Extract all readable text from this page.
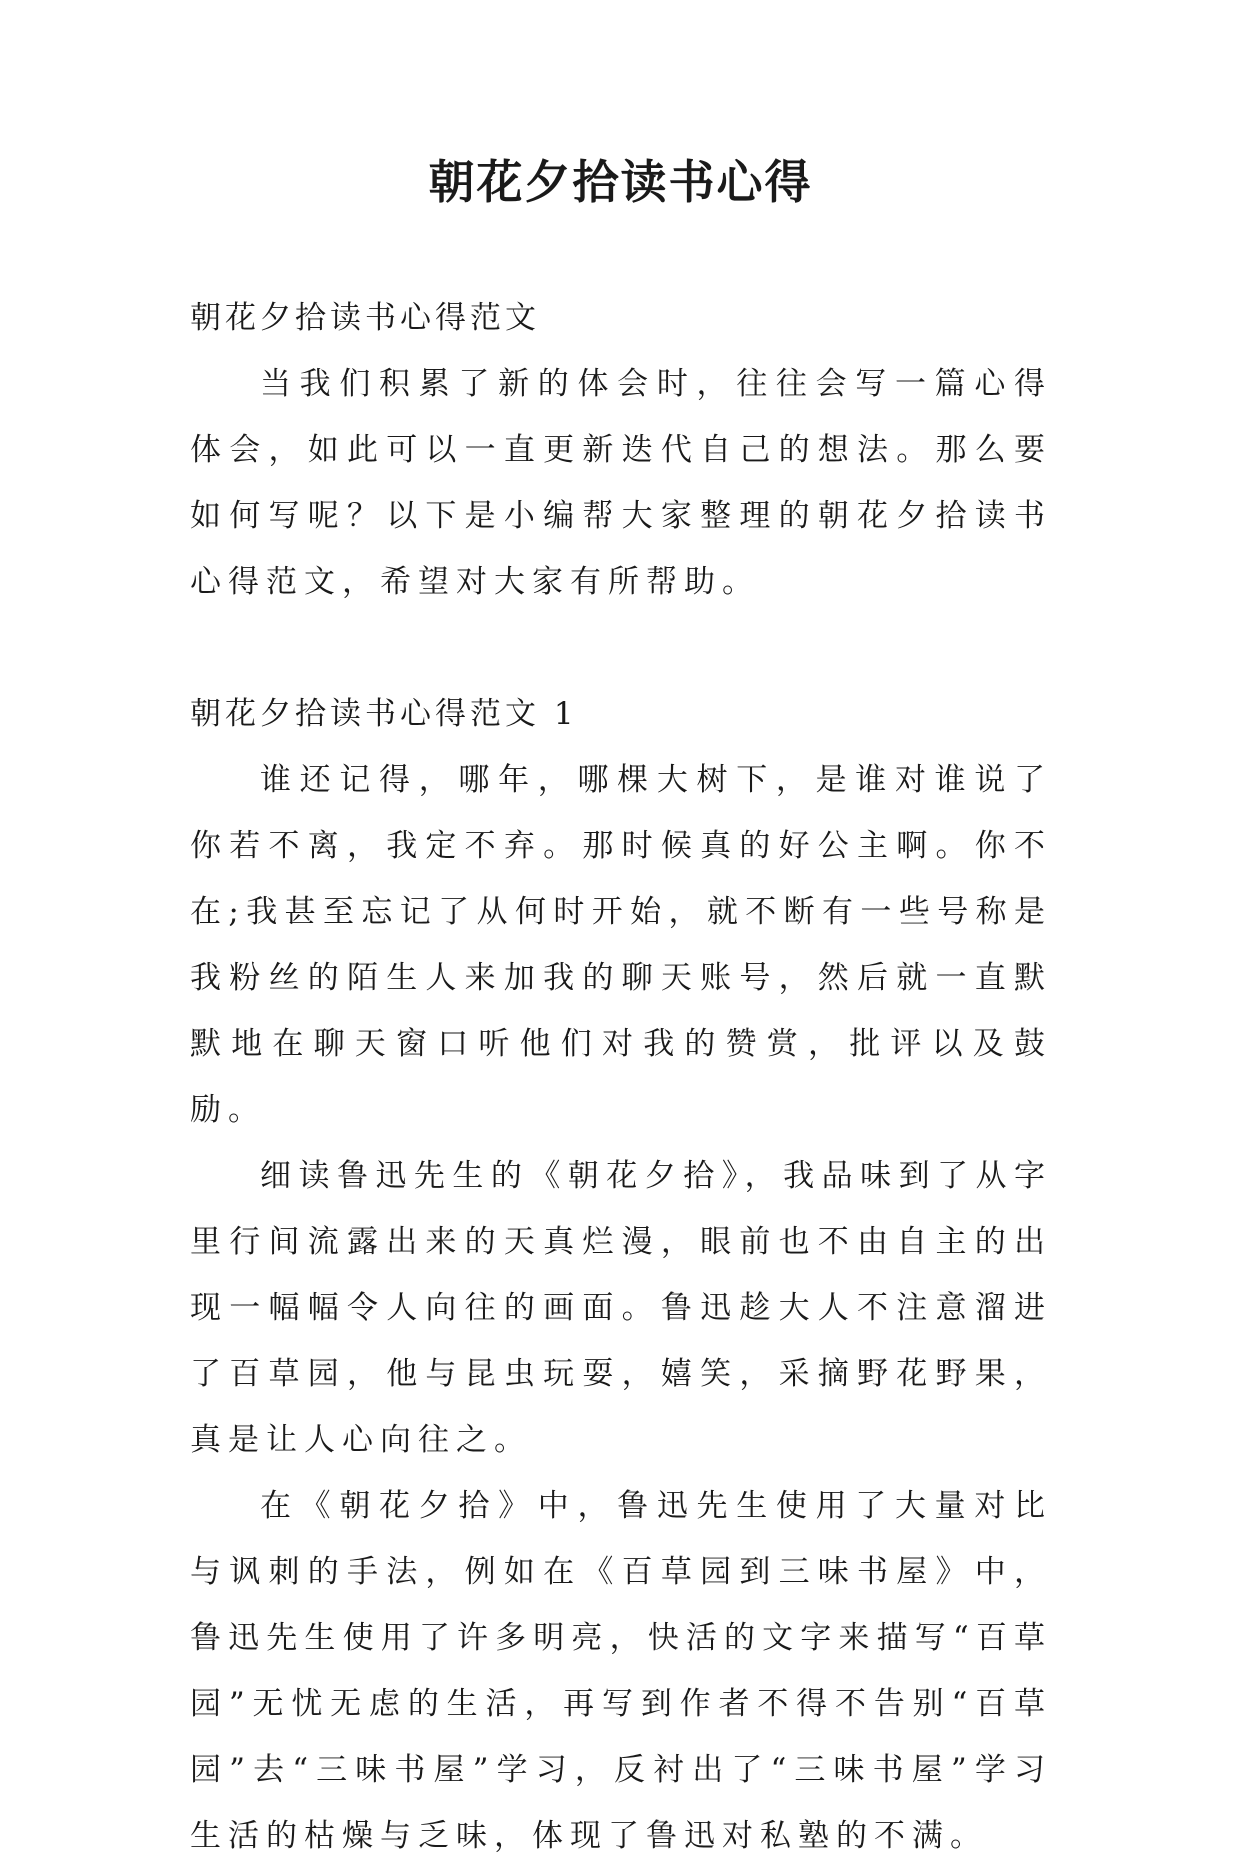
朝花夕拾读书心得

朝花夕拾读书心得范文

当我们积累了新的体会时，往往会写一篇心得体会，如此可以一直更新迭代自己的想法。那么要如何写呢？以下是小编帮大家整理的朝花夕拾读书心得范文，希望对大家有所帮助。

朝花夕拾读书心得范文 1

谁还记得，哪年，哪棵大树下，是谁对谁说了你若不离，我定不弃。那时候真的好公主啊。你不在;我甚至忘记了从何时开始，就不断有一些号称是我粉丝的陌生人来加我的聊天账号，然后就一直默默地在聊天窗口听他们对我的赞赏，批评以及鼓励。

细读鲁迅先生的《朝花夕拾》，我品味到了从字里行间流露出来的天真烂漫，眼前也不由自主的出现一幅幅令人向往的画面。鲁迅趁大人不注意溜进了百草园，他与昆虫玩耍，嬉笑，采摘野花野果，真是让人心向往之。

在《朝花夕拾》中，鲁迅先生使用了大量对比与讽刺的手法，例如在《百草园到三味书屋》中，鲁迅先生使用了许多明亮，快活的文字来描写“百草园”无忧无虑的生活，再写到作者不得不告别“百草园”去“三味书屋”学习，反衬出了“三味书屋”学习生活的枯燥与乏味，体现了鲁迅对私塾的不满。
